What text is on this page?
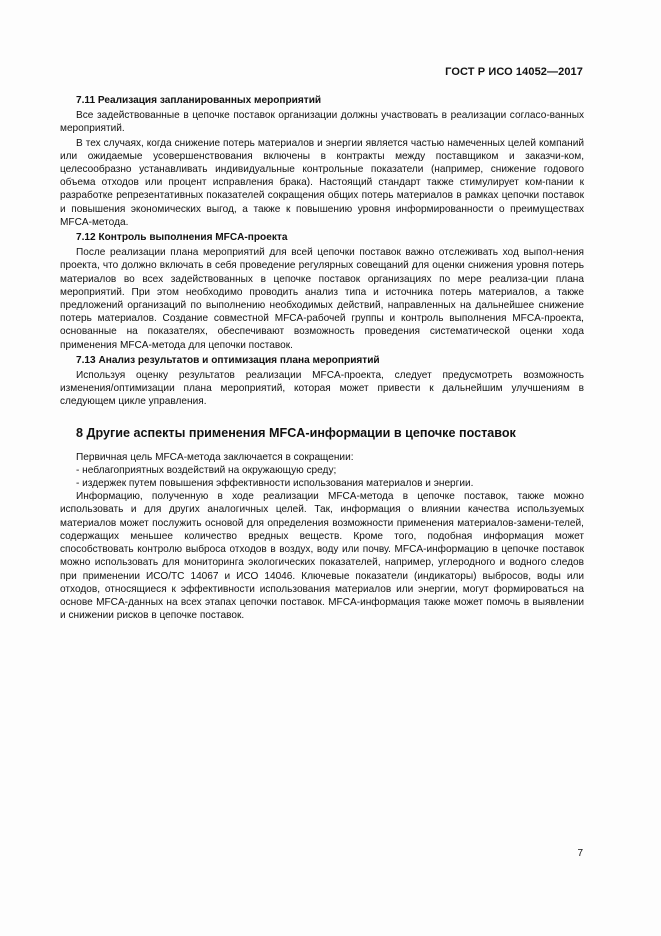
ГОСТ Р ИСО 14052—2017
7.11 Реализация запланированных мероприятий

Все задействованные в цепочке поставок организации должны участвовать в реализации согласо-ванных мероприятий.

В тех случаях, когда снижение потерь материалов и энергии является частью намеченных целей компаний или ожидаемые усовершенствования включены в контракты между поставщиком и заказчи-ком, целесообразно устанавливать индивидуальные контрольные показатели (например, снижение годового объема отходов или процент исправления брака). Настоящий стандарт также стимулирует ком-пании к разработке репрезентативных показателей сокращения общих потерь материалов в рамках цепочки поставок и повышения экономических выгод, а также к повышению уровня информированности о преимуществах MFCA-метода.

7.12 Контроль выполнения MFCA-проекта

После реализации плана мероприятий для всей цепочки поставок важно отслеживать ход выпол-нения проекта, что должно включать в себя проведение регулярных совещаний для оценки снижения уровня потерь материалов во всех задействованных в цепочке поставок организациях по мере реализа-ции плана мероприятий. При этом необходимо проводить анализ типа и источника потерь материалов, а также предложений организаций по выполнению необходимых действий, направленных на дальнейшее снижение потерь материалов. Создание совместной MFCA-рабочей группы и контроль выполнения MFCA-проекта, основанные на показателях, обеспечивают возможность проведения систематической оценки хода применения MFCA-метода для цепочки поставок.

7.13 Анализ результатов и оптимизация плана мероприятий

Используя оценку результатов реализации MFCA-проекта, следует предусмотреть возможность изменения/оптимизации плана мероприятий, которая может привести к дальнейшим улучшениям в следующем цикле управления.

8 Другие аспекты применения MFCA-информации в цепочке поставок

Первичная цель MFCA-метода заключается в сокращении:

- неблагоприятных воздействий на окружающую среду;
- издержек путем повышения эффективности использования материалов и энергии.

Информацию, полученную в ходе реализации MFCA-метода в цепочке поставок, также можно использовать и для других аналогичных целей. Так, информация о влиянии качества используемых материалов может послужить основой для определения возможности применения материалов-замени-телей, содержащих меньшее количество вредных веществ. Кроме того, подобная информация может способствовать контролю выброса отходов в воздух, воду или почву. MFCA-информацию в цепочке поставок можно использовать для мониторинга экологических показателей, например, углеродного и водного следов при применении ИСО/ТС 14067 и ИСО 14046. Ключевые показатели (индикаторы) выбросов, воды или отходов, относящиеся к эффективности использования материалов или энергии, могут формироваться на основе MFCA-данных на всех этапах цепочки поставок. MFCA-информация также может помочь в выявлении и снижении рисков в цепочке поставок.

7
